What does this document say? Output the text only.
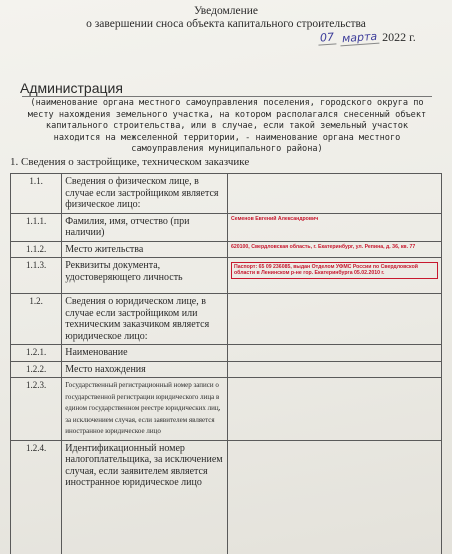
Уведомление
о завершении сноса объекта капитального строительства
07 марта 2022 г.
Администрация
(наименование органа местного самоуправления поселения, городского округа по месту нахождения земельного участка, на котором располагался снесенный объект капитального строительства, или в случае, если такой земельный участок находится на межселенной территории, - наименование органа местного самоуправления муниципального района)
1. Сведения о застройщике, техническом заказчике
1.1.	Сведения о физическом лице, в случае если застройщиком является физическое лицо:	
1.1.1.	Фамилия, имя, отчество (при наличии)	Семенов Евгений Александрович

1.1.2.	Место жительства	620100, Свердловская область, г. Екатеринбург, ул. Репина, д. 36, кв. 77

1.1.3.	Реквизиты документа, удостоверяющего личность	Паспорт: 65 09 236085, выдан Отделом УФМС России по Свердловской области в Ленинском р-не гор. Екатеринбурга 05.02.2010 г.

1.2.	Сведения о юридическом лице, в случае если застройщиком или техническим заказчиком является юридическое лицо:	
1.2.1.	Наименование	
1.2.2.	Место нахождения	
1.2.3.	Государственный регистрационный номер записи о государственной регистрации юридического лица в едином государственном реестре юридических лиц, за исключением случая, если заявителем является иностранное юридическое лицо	
1.2.4.	Идентификационный номер налогоплательщика, за исключением случая, если заявителем является иностранное юридическое лицо	
